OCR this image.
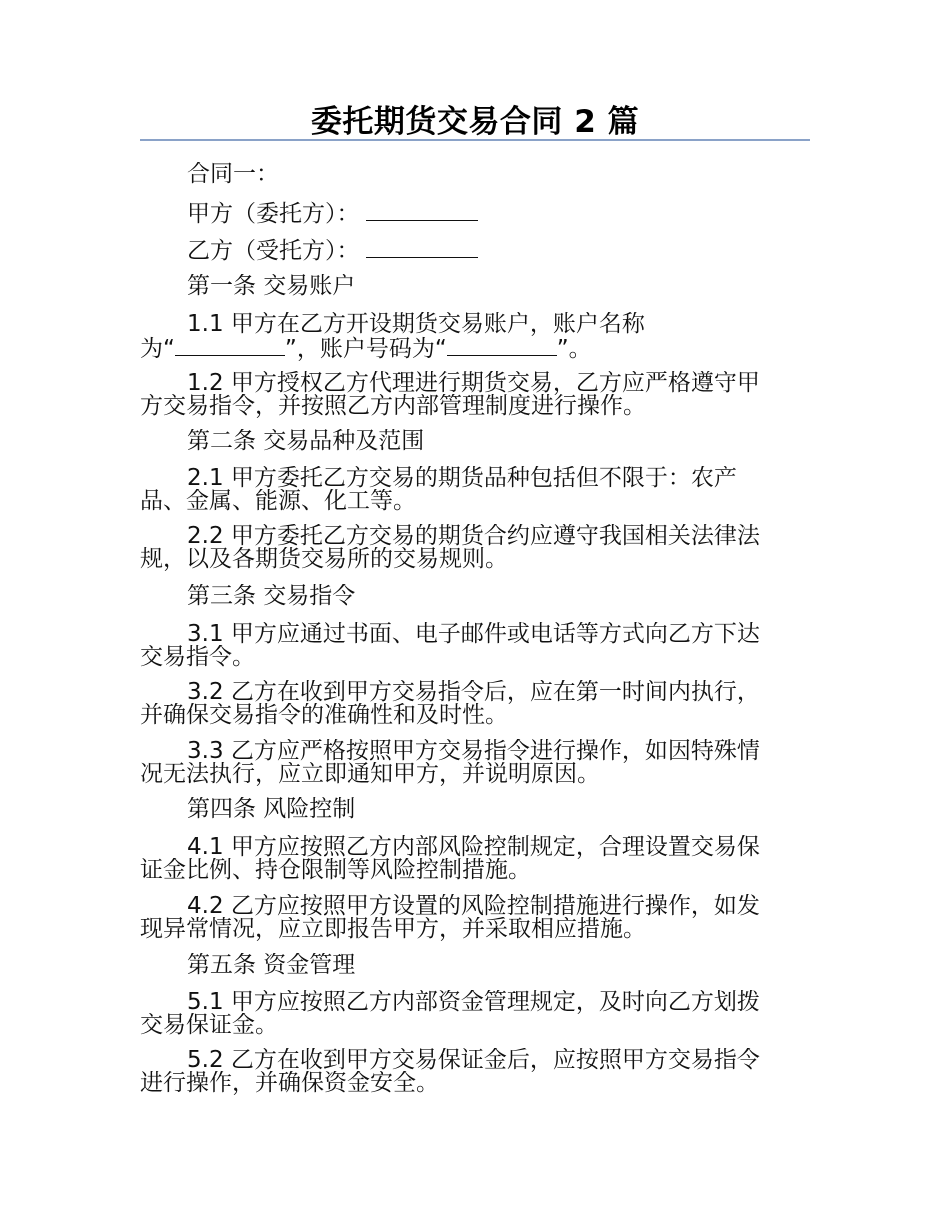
委托期货交易合同 2 篇
合同一：
甲方（委托方）：
乙方（受托方）：
第一条 交易账户
1.1 甲方在乙方开设期货交易账户，账户名称
为“	”，账户号码为“	”。
1.2 甲方授权乙方代理进行期货交易，乙方应严格遵守甲
方交易指令，并按照乙方内部管理制度进行操作。
第二条 交易品种及范围
2.1 甲方委托乙方交易的期货品种包括但不限于：农产
品、金属、能源、化工等。
2.2 甲方委托乙方交易的期货合约应遵守我国相关法律法
规，以及各期货交易所的交易规则。
第三条 交易指令
3.1 甲方应通过书面、电子邮件或电话等方式向乙方下达
交易指令。
3.2 乙方在收到甲方交易指令后，应在第一时间内执行，
并确保交易指令的准确性和及时性。
3.3 乙方应严格按照甲方交易指令进行操作，如因特殊情
况无法执行，应立即通知甲方，并说明原因。
第四条 风险控制
4.1 甲方应按照乙方内部风险控制规定，合理设置交易保
证金比例、持仓限制等风险控制措施。
4.2 乙方应按照甲方设置的风险控制措施进行操作，如发
现异常情况，应立即报告甲方，并采取相应措施。
第五条 资金管理
5.1 甲方应按照乙方内部资金管理规定，及时向乙方划拨
交易保证金。
5.2 乙方在收到甲方交易保证金后，应按照甲方交易指令
进行操作，并确保资金安全。
